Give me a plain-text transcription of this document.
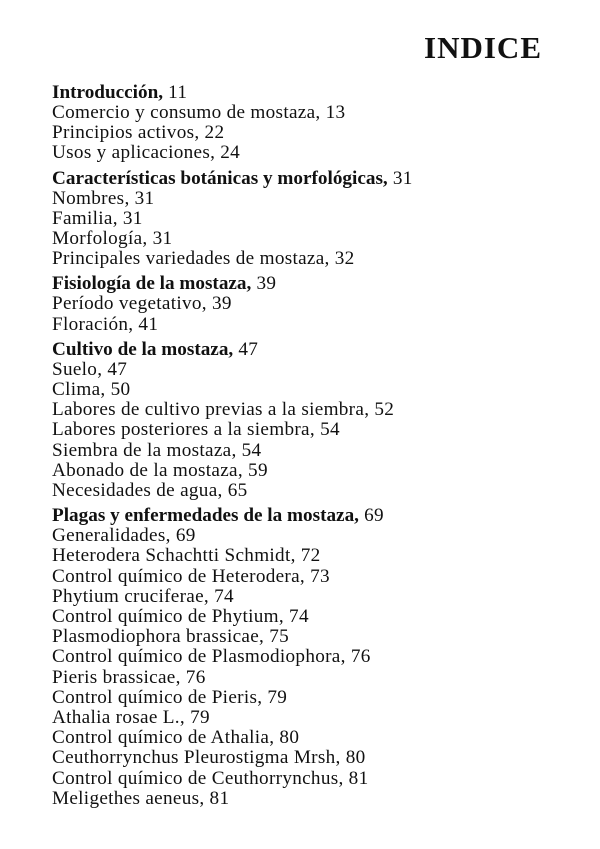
INDICE
Introducción, 11
Comercio y consumo de mostaza, 13
Principios activos, 22
Usos y aplicaciones, 24
Características botánicas y morfológicas, 31
Nombres, 31
Familia, 31
Morfología, 31
Principales variedades de mostaza, 32
Fisiología de la mostaza, 39
Período vegetativo, 39
Floración, 41
Cultivo de la mostaza, 47
Suelo, 47
Clima, 50
Labores de cultivo previas a la siembra, 52
Labores posteriores a la siembra, 54
Siembra de la mostaza, 54
Abonado de la mostaza, 59
Necesidades de agua, 65
Plagas y enfermedades de la mostaza, 69
Generalidades, 69
Heterodera Schachtti Schmidt, 72
Control químico de Heterodera, 73
Phytium cruciferae, 74
Control químico de Phytium, 74
Plasmodiophora brassicae, 75
Control químico de Plasmodiophora, 76
Pieris brassicae, 76
Control químico de Pieris, 79
Athalia rosae L., 79
Control químico de Athalia, 80
Ceuthorrynchus Pleurostigma Mrsh, 80
Control químico de Ceuthorrynchus, 81
Meligethes aeneus, 81
